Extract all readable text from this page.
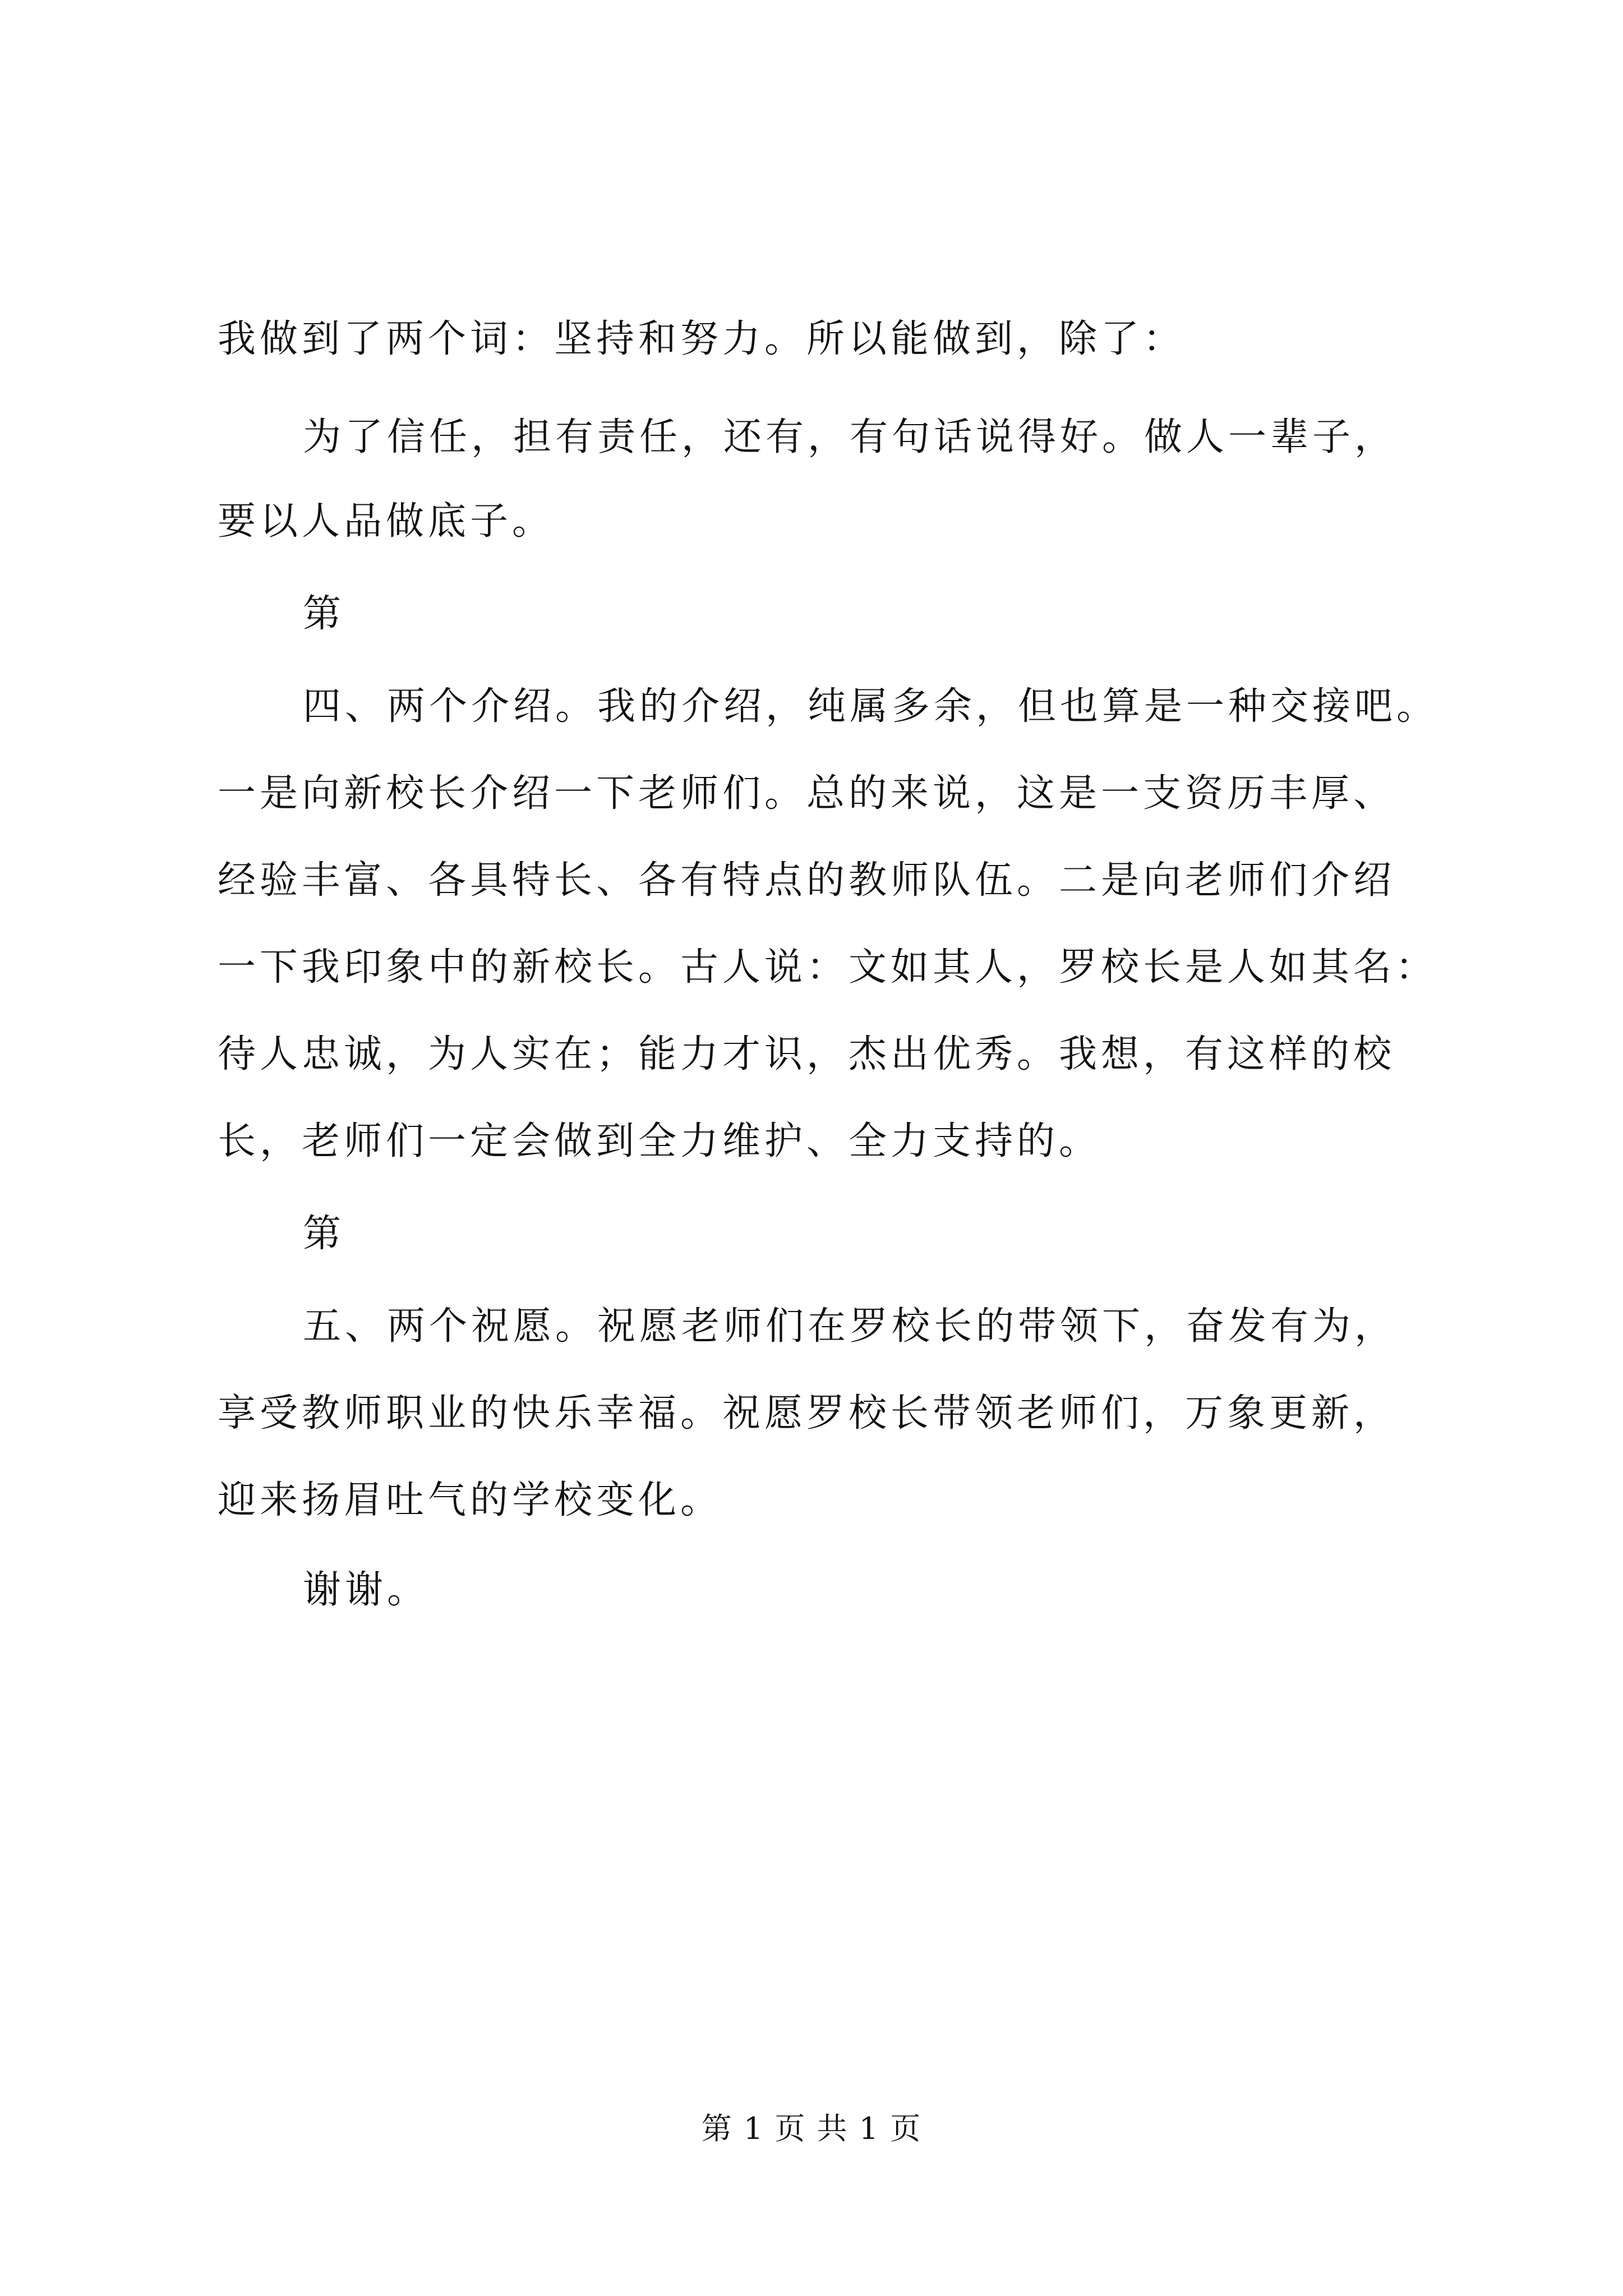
我做到了两个词：坚持和努力。所以能做到，除了：
为了信任，担有责任，还有，有句话说得好。做人一辈子，
要以人品做底子。
第
四、两个介绍。我的介绍，纯属多余，但也算是一种交接吧。
一是向新校长介绍一下老师们。总的来说，这是一支资历丰厚、
经验丰富、各具特长、各有特点的教师队伍。二是向老师们介绍
一下我印象中的新校长。古人说：文如其人，罗校长是人如其名：
待人忠诚，为人实在；能力才识，杰出优秀。我想，有这样的校
长，老师们一定会做到全力维护、全力支持的。
第
五、两个祝愿。祝愿老师们在罗校长的带领下，奋发有为，
享受教师职业的快乐幸福。祝愿罗校长带领老师们，万象更新，
迎来扬眉吐气的学校变化。
谢谢。
第 1 页 共 1 页
